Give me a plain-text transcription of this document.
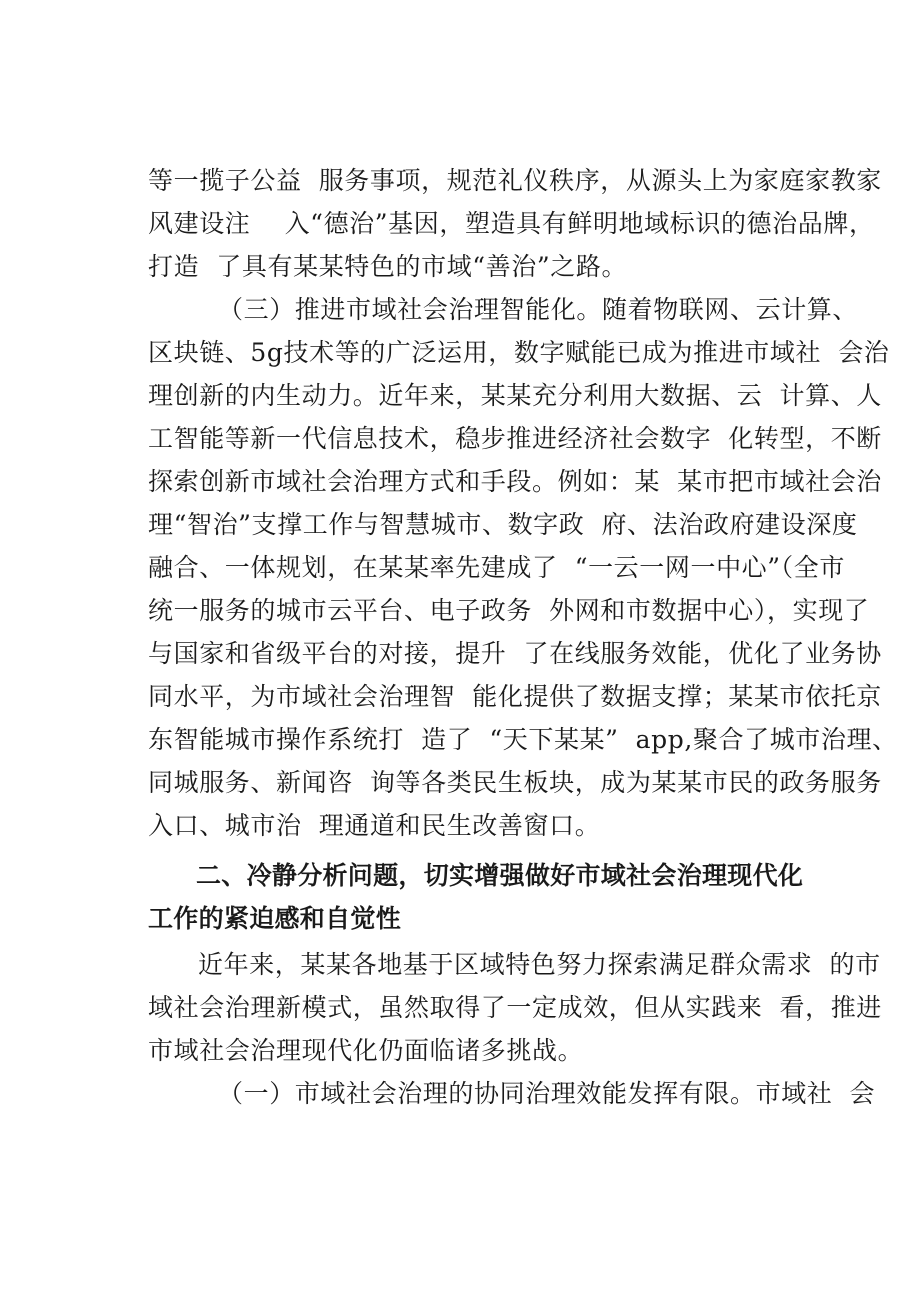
等一揽子公益  服务事项，规范礼仪秩序，从源头上为家庭家教家
风建设注    入“德治”基因，塑造具有鲜明地域标识的德治品牌，
打造  了具有某某特色的市域“善治”之路。
（三）推进市域社会治理智能化。随着物联网、云计算、
区块链、5g技术等的广泛运用，数字赋能已成为推进市域社  会治
理创新的内生动力。近年来，某某充分利用大数据、云  计算、人
工智能等新一代信息技术，稳步推进经济社会数字  化转型，不断
探索创新市域社会治理方式和手段。例如：某  某市把市域社会治
理“智治”支撑工作与智慧城市、数字政  府、法治政府建设深度
融合、一体规划，在某某率先建成了  “一云一网一中心”（全市
统一服务的城市云平台、电子政务  外网和市数据中心），实现了
与国家和省级平台的对接，提升  了在线服务效能，优化了业务协
同水平，为市域社会治理智  能化提供了数据支撑；某某市依托京
东智能城市操作系统打  造了  “天下某某”  app,聚合了城市治理、
同城服务、新闻咨  询等各类民生板块，成为某某市民的政务服务
入口、城市治  理通道和民生改善窗口。
二、冷静分析问题，切实增强做好市域社会治理现代化
工作的紧迫感和自觉性
近年来，某某各地基于区域特色努力探索满足群众需求  的市
域社会治理新模式，虽然取得了一定成效，但从实践来  看，推进
市域社会治理现代化仍面临诸多挑战。
（一）市域社会治理的协同治理效能发挥有限。市域社  会
